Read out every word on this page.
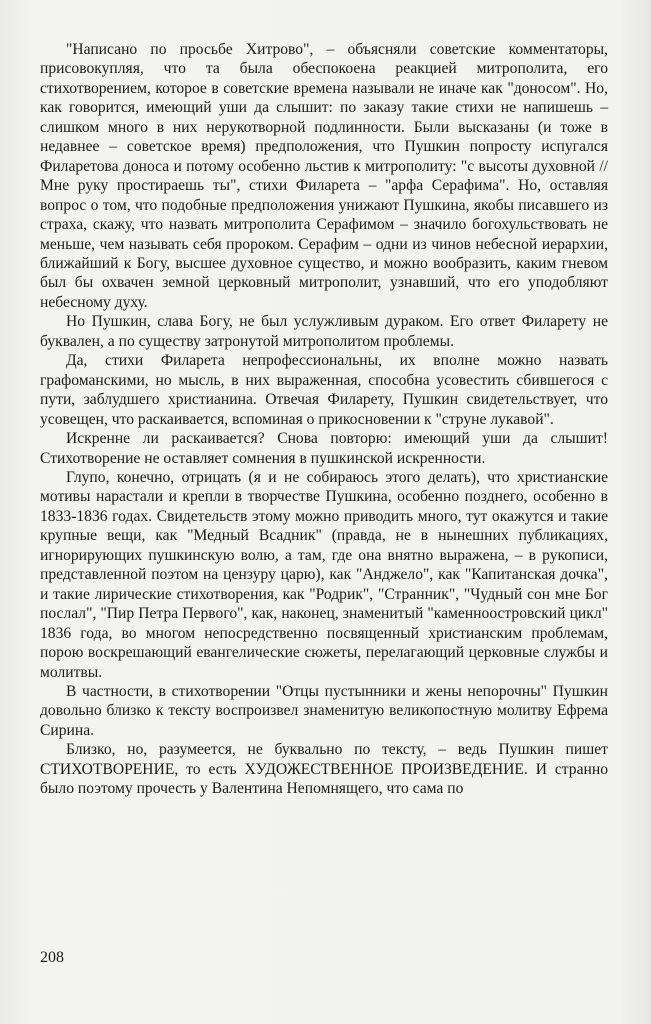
"Написано по просьбе Хитрово", – объясняли советские комментаторы, присовокупляя, что та была обеспокоена реакцией митрополита, его стихотворением, которое в советские времена называли не иначе как "доносом". Но, как говорится, имеющий уши да слышит: по заказу такие стихи не напишешь – слишком много в них нерукотворной подлинности. Были высказаны (и тоже в недавнее – советское время) предположения, что Пушкин попросту испугался Филаретова доноса и потому особенно льстив к митрополиту: "с высоты духовной // Мне руку простираешь ты", стихи Филарета – "арфа Серафима". Но, оставляя вопрос о том, что подобные предположения унижают Пушкина, якобы писавшего из страха, скажу, что назвать митрополита Серафимом – значило богохульствовать не меньше, чем называть себя пророком. Серафим – одни из чинов небесной иерархии, ближайший к Богу, высшее духовное существо, и можно вообразить, каким гневом был бы охвачен земной церковный митрополит, узнавший, что его уподобляют небесному духу.

Но Пушкин, слава Богу, не был услужливым дураком. Его ответ Филарету не буквален, а по существу затронутой митрополитом проблемы.

Да, стихи Филарета непрофессиональны, их вполне можно назвать графоманскими, но мысль, в них выраженная, способна усовестить сбившегося с пути, заблудшего христианина. Отвечая Филарету, Пушкин свидетельствует, что усовещен, что раскаивается, вспоминая о прикосновении к "струне лукавой".

Искренне ли раскаивается? Снова повторю: имеющий уши да слышит! Стихотворение не оставляет сомнения в пушкинской искренности.

Глупо, конечно, отрицать (я и не собираюсь этого делать), что христианские мотивы нарастали и крепли в творчестве Пушкина, особенно позднего, особенно в 1833-1836 годах. Свидетельств этому можно приводить много, тут окажутся и такие крупные вещи, как "Медный Всадник" (правда, не в нынешних публикациях, игнорирующих пушкинскую волю, а там, где она внятно выражена, – в рукописи, представленной поэтом на цензуру царю), как "Анджело", как "Капитанская дочка", и такие лирические стихотворения, как "Родрик", "Странник", "Чудный сон мне Бог послал", "Пир Петра Первого", как, наконец, знаменитый "каменноостровский цикл" 1836 года, во многом непосредственно посвященный христианским проблемам, порою воскрешающий евангелические сюжеты, перелагающий церковные службы и молитвы.

В частности, в стихотворении "Отцы пустынники и жены непорочны" Пушкин довольно близко к тексту воспроизвел знаменитую великопостную молитву Ефрема Сирина.

Близко, но, разумеется, не буквально по тексту, – ведь Пушкин пишет СТИХОТВОРЕНИЕ, то есть ХУДОЖЕСТВЕННОЕ ПРОИЗВЕДЕНИЕ. И странно было поэтому прочесть у Валентина Непомнящего, что сама по

208
